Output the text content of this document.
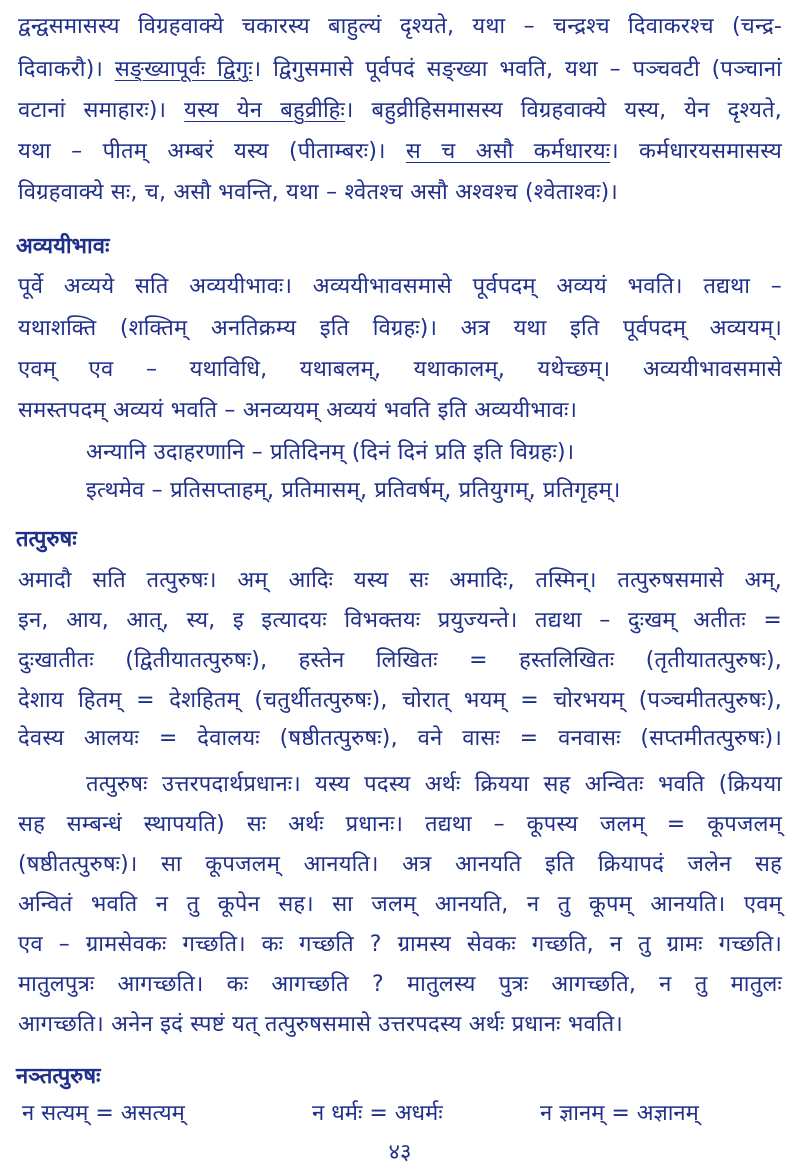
द्वन्द्वसमासस्य विग्रहवाक्ये चकारस्य बाहुल्यं दृश्यते, यथा – चन्द्रश्च दिवाकरश्च (चन्द्र-
दिवाकरौ)। सङ्ख्यापूर्वः द्विगुः। द्विगुसमासे पूर्वपदं सङ्ख्या भवति, यथा – पञ्चवटी (पञ्चानां
वटानां समाहारः)। यस्य येन बहुव्रीहिः। बहुव्रीहिसमासस्य विग्रहवाक्ये यस्य, येन दृश्यते,
यथा – पीतम् अम्बरं यस्य (पीताम्बरः)। स च असौ कर्मधारयः। कर्मधारयसमासस्य
विग्रहवाक्ये सः, च, असौ भवन्ति, यथा – श्वेतश्च असौ अश्वश्च (श्वेताश्वः)।
अव्ययीभावः
पूर्वे अव्यये सति अव्ययीभावः। अव्ययीभावसमासे पूर्वपदम् अव्ययं भवति। तद्यथा –
यथाशक्ति (शक्तिम् अनतिक्रम्य इति विग्रहः)। अत्र यथा इति पूर्वपदम् अव्ययम्।
एवम् एव – यथाविधि, यथाबलम्, यथाकालम्, यथेच्छम्। अव्ययीभावसमासे
समस्तपदम् अव्ययं भवति – अनव्ययम् अव्ययं भवति इति अव्ययीभावः।
अन्यानि उदाहरणानि – प्रतिदिनम् (दिनं दिनं प्रति इति विग्रहः)।
इत्थमेव – प्रतिसप्ताहम्, प्रतिमासम्, प्रतिवर्षम्, प्रतियुगम्, प्रतिगृहम्।
तत्पुरुषः
अमादौ सति तत्पुरुषः। अम् आदिः यस्य सः अमादिः, तस्मिन्। तत्पुरुषसमासे अम्,
इन, आय, आत्, स्य, इ इत्यादयः विभक्तयः प्रयुज्यन्ते। तद्यथा – दुःखम् अतीतः =
दुःखातीतः (द्वितीयातत्पुरुषः), हस्तेन लिखितः = हस्तलिखितः (तृतीयातत्पुरुषः),
देशाय हितम् = देशहितम् (चतुर्थीतत्पुरुषः), चोरात् भयम् = चोरभयम् (पञ्चमीतत्पुरुषः),
देवस्य आलयः = देवालयः (षष्ठीतत्पुरुषः), वने वासः = वनवासः (सप्तमीतत्पुरुषः)।
तत्पुरुषः उत्तरपदार्थप्रधानः। यस्य पदस्य अर्थः क्रियया सह अन्वितः भवति (क्रियया
सह सम्बन्धं स्थापयति) सः अर्थः प्रधानः। तद्यथा – कूपस्य जलम् = कूपजलम्
(षष्ठीतत्पुरुषः)। सा कूपजलम् आनयति। अत्र आनयति इति क्रियापदं जलेन सह
अन्वितं भवति न तु कूपेन सह। सा जलम् आनयति, न तु कूपम् आनयति। एवम्
एव – ग्रामसेवकः गच्छति। कः गच्छति ? ग्रामस्य सेवकः गच्छति, न तु ग्रामः गच्छति।
मातुलपुत्रः आगच्छति। कः आगच्छति ? मातुलस्य पुत्रः आगच्छति, न तु मातुलः
आगच्छति। अनेन इदं स्पष्टं यत् तत्पुरुषसमासे उत्तरपदस्य अर्थः प्रधानः भवति।
नञ्तत्पुरुषः
न सत्यम् = असत्यम्	न धर्मः = अधर्मः	न ज्ञानम् = अज्ञानम्
४३
